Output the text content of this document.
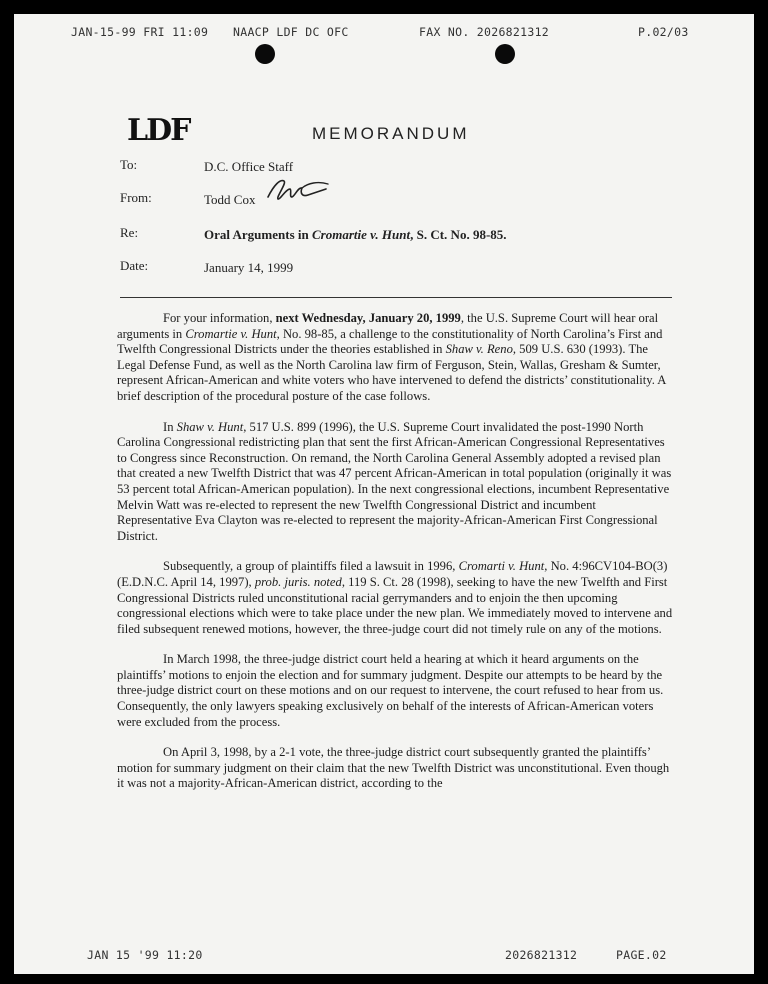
JAN-15-99 FRI 11:09 NAACP LDF DC OFC	FAX NO. 2026821312	P.02/03
LDF	MEMORANDUM
To:	D.C. Office Staff
From:	Todd Cox
Re:	Oral Arguments in Cromartie v. Hunt, S. Ct. No. 98-85.
Date:	January 14, 1999

For your information, next Wednesday, January 20, 1999, the U.S. Supreme Court will hear oral arguments in Cromartie v. Hunt, No. 98-85, a challenge to the constitutionality of North Carolina’s First and Twelfth Congressional Districts under the theories established in Shaw v. Reno, 509 U.S. 630 (1993). The Legal Defense Fund, as well as the North Carolina law firm of Ferguson, Stein, Wallas, Gresham & Sumter, represent African-American and white voters who have intervened to defend the districts’ constitutionality. A brief description of the procedural posture of the case follows.

In Shaw v. Hunt, 517 U.S. 899 (1996), the U.S. Supreme Court invalidated the post-1990 North Carolina Congressional redistricting plan that sent the first African-American Congressional Representatives to Congress since Reconstruction. On remand, the North Carolina General Assembly adopted a revised plan that created a new Twelfth District that was 47 percent African-American in total population (originally it was 53 percent total African-American population). In the next congressional elections, incumbent Representative Melvin Watt was re-elected to represent the new Twelfth Congressional District and incumbent Representative Eva Clayton was re-elected to represent the majority-African-American First Congressional District.

Subsequently, a group of plaintiffs filed a lawsuit in 1996, Cromarti v. Hunt, No. 4:96CV104-BO(3) (E.D.N.C. April 14, 1997), prob. juris. noted, 119 S. Ct. 28 (1998), seeking to have the new Twelfth and First Congressional Districts ruled unconstitutional racial gerrymanders and to enjoin the then upcoming congressional elections which were to take place under the new plan. We immediately moved to intervene and filed subsequent renewed motions, however, the three-judge court did not timely rule on any of the motions.

In March 1998, the three-judge district court held a hearing at which it heard arguments on the plaintiffs’ motions to enjoin the election and for summary judgment. Despite our attempts to be heard by the three-judge district court on these motions and on our request to intervene, the court refused to hear from us. Consequently, the only lawyers speaking exclusively on behalf of the interests of African-American voters were excluded from the process.

On April 3, 1998, by a 2-1 vote, the three-judge district court subsequently granted the plaintiffs’ motion for summary judgment on their claim that the new Twelfth District was unconstitutional. Even though it was not a majority-African-American district, according to the

JAN 15 '99 11:20	2026821312	PAGE.02
